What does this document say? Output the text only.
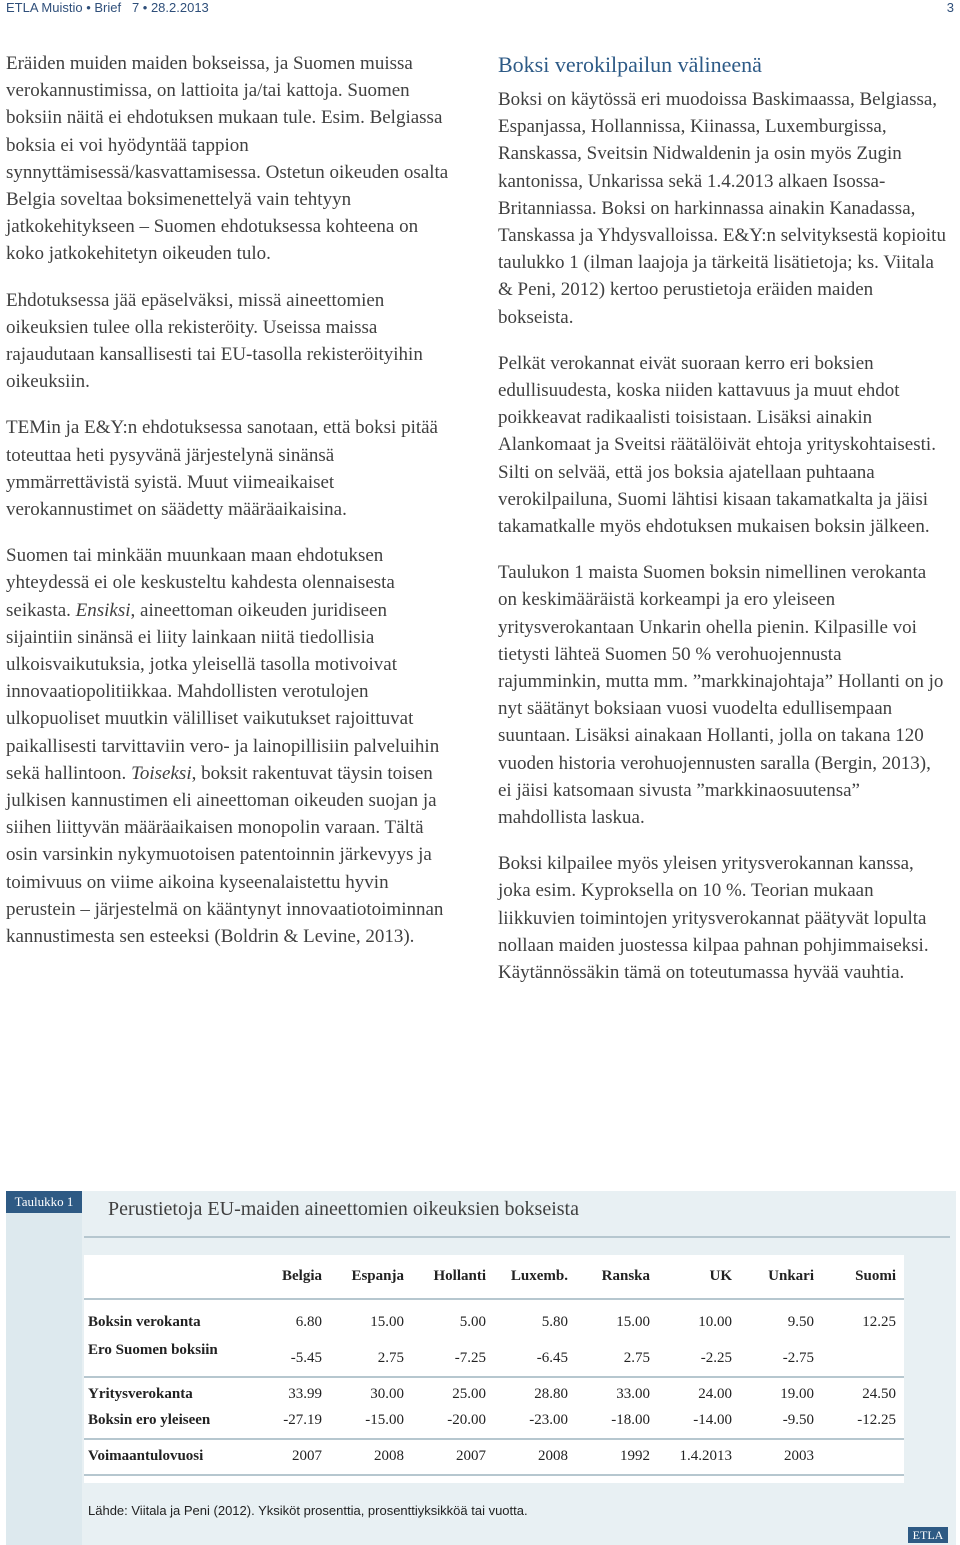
ETLA Muistio • Brief 7 • 28.2.2013	3

Eräiden muiden maiden bokseissa, ja Suomen muissa verokannustimissa, on lattioita ja/tai kattoja. Suomen boksiin näitä ei ehdotuksen mukaan tule. Esim. Belgiassa boksia ei voi hyödyntää tappion synnyttämisessä/kasvattamisessa. Ostetun oikeuden osalta Belgia soveltaa boksimenettelyä vain tehtyyn jatkokehitykseen – Suomen ehdotuksessa kohteena on koko jatkokehitetyn oikeuden tulo.

Ehdotuksessa jää epäselväksi, missä aineettomien oikeuksien tulee olla rekisteröity. Useissa maissa rajaudutaan kansallisesti tai EU-tasolla rekisteröityihin oikeuksiin.

TEMin ja E&Y:n ehdotuksessa sanotaan, että boksi pitää toteuttaa heti pysyvänä järjestelynä sinänsä ymmärrettävistä syistä. Muut viimeaikaiset verokannustimet on säädetty määräaikaisina.

Suomen tai minkään muunkaan maan ehdotuksen yhteydessä ei ole keskusteltu kahdesta olennaisesta seikasta. Ensiksi, aineettoman oikeuden juridiseen sijaintiin sinänsä ei liity lainkaan niitä tiedollisia ulkoisvaikutuksia, jotka yleisellä tasolla motivoivat innovaatiopolitiikkaa. Mahdollisten verotulojen ulkopuoliset muutkin välilliset vaikutukset rajoittuvat paikallisesti tarvittaviin vero- ja lainopillisiin palveluihin sekä hallintoon. Toiseksi, boksit rakentuvat täysin toisen julkisen kannustimen eli aineettoman oikeuden suojan ja siihen liittyvän määräaikaisen monopolin varaan. Tältä osin varsinkin nykymuotoisen patentoinnin järkevyys ja toimivuus on viime aikoina kyseenalaistettu hyvin perustein – järjestelmä on kääntynyt innovaatiotoiminnan kannustimesta sen esteeksi (Boldrin & Levine, 2013).

Boksi verokilpailun välineenä

Boksi on käytössä eri muodoissa Baskimaassa, Belgiassa, Espanjassa, Hollannissa, Kiinassa, Luxemburgissa, Ranskassa, Sveitsin Nidwaldenin ja osin myös Zugin kantonissa, Unkarissa sekä 1.4.2013 alkaen Isossa-Britanniassa. Boksi on harkinnassa ainakin Kanadassa, Tanskassa ja Yhdysvalloissa. E&Y:n selvityksestä kopioitu taulukko 1 (ilman laajoja ja tärkeitä lisätietoja; ks. Viitala & Peni, 2012) kertoo perustietoja eräiden maiden bokseista.

Pelkät verokannat eivät suoraan kerro eri boksien edullisuudesta, koska niiden kattavuus ja muut ehdot poikkeavat radikaalisti toisistaan. Lisäksi ainakin Alankomaat ja Sveitsi räätälöivät ehtoja yrityskohtaisesti. Silti on selvää, että jos boksia ajatellaan puhtaana verokilpailuna, Suomi lähtisi kisaan takamatkalta ja jäisi takamatkalle myös ehdotuksen mukaisen boksin jälkeen.

Taulukon 1 maista Suomen boksin nimellinen verokanta on keskimääräistä korkeampi ja ero yleiseen yritysverokantaan Unkarin ohella pienin. Kilpasille voi tietysti lähteä Suomen 50 % verohuojennusta rajumminkin, mutta mm. ”markkinajohtaja” Hollanti on jo nyt säätänyt boksiaan vuosi vuodelta edullisempaan suuntaan. Lisäksi ainakaan Hollanti, jolla on takana 120 vuoden historia verohuojennusten saralla (Bergin, 2013), ei jäisi katsomaan sivusta ”markkinaosuutensa” mahdollista laskua.

Boksi kilpailee myös yleisen yritysverokannan kanssa, joka esim. Kyproksella on 10 %. Teorian mukaan liikkuvien toimintojen yritysverokannat päätyvät lopulta nollaan maiden juostessa kilpaa pahnan pohjimmaiseksi. Käytännössäkin tämä on toteutumassa hyvää vauhtia.

Taulukko 1	Perustietoja EU-maiden aineettomien oikeuksien bokseista
Belgia	Espanja	Hollanti	Luxemb.	Ranska	UK	Unkari	Suomi
Boksin verokanta	6.80	15.00	5.00	5.80	15.00	10.00	9.50	12.25
Ero Suomen boksiin	-5.45	2.75	-7.25	-6.45	2.75	-2.25	-2.75
Yritysverokanta	33.99	30.00	25.00	28.80	33.00	24.00	19.00	24.50
Boksin ero yleiseen	-27.19	-15.00	-20.00	-23.00	-18.00	-14.00	-9.50	-12.25
Voimaantulovuosi	2007	2008	2007	2008	1992	1.4.2013	2003
Lähde: Viitala ja Peni (2012). Yksiköt prosenttia, prosenttiyksikköä tai vuotta.
ETLA
